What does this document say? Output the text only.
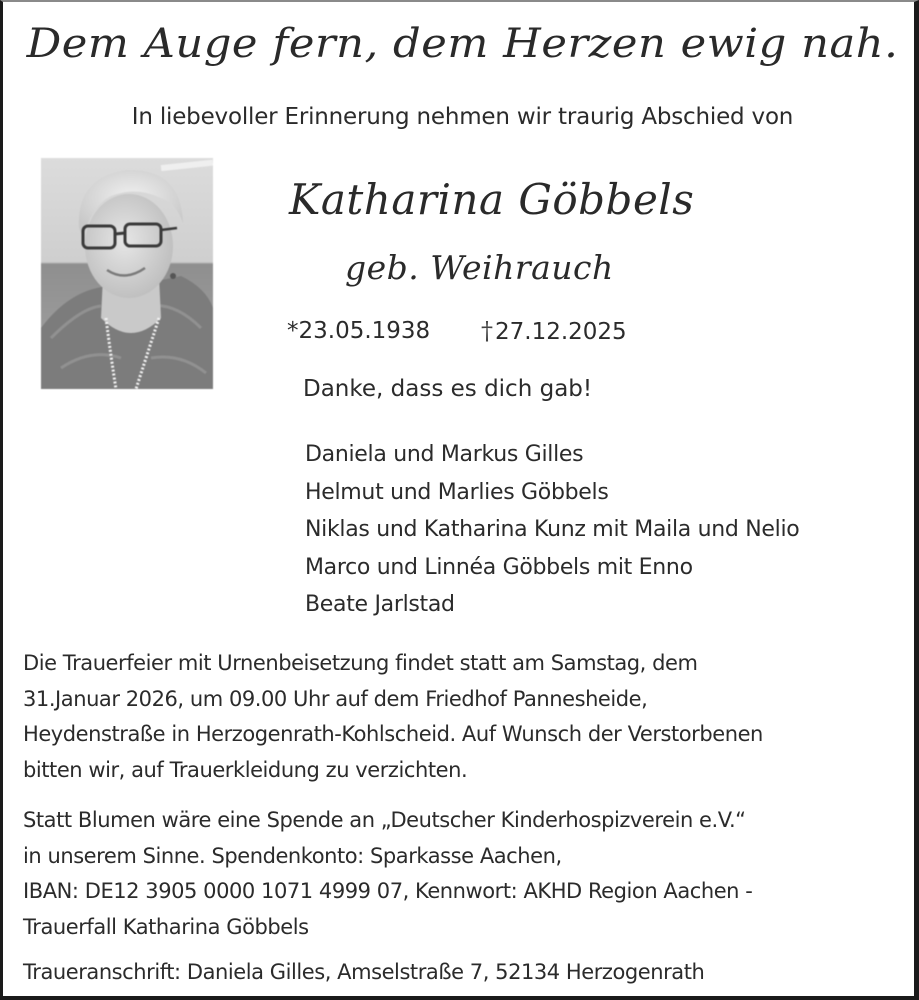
Dem Auge fern, dem Herzen ewig nah.
In liebevoller Erinnerung nehmen wir traurig Abschied von
Katharina Göbbels
geb. Weihrauch
*23.05.1938 †27.12.2025
Danke, dass es dich gab!
Daniela und Markus Gilles
Helmut und Marlies Göbbels
Niklas und Katharina Kunz mit Maila und Nelio
Marco und Linnéa Göbbels mit Enno
Beate Jarlstad
Die Trauerfeier mit Urnenbeisetzung findet statt am Samstag, dem
31.Januar 2026, um 09.00 Uhr auf dem Friedhof Pannesheide,
Heydenstraße in Herzogenrath-Kohlscheid. Auf Wunsch der Verstorbenen
bitten wir, auf Trauerkleidung zu verzichten.
Statt Blumen wäre eine Spende an „Deutscher Kinderhospizverein e.V.“
in unserem Sinne. Spendenkonto: Sparkasse Aachen,
IBAN: DE12 3905 0000 1071 4999 07, Kennwort: AKHD Region Aachen -
Trauerfall Katharina Göbbels
Traueranschrift: Daniela Gilles, Amselstraße 7, 52134 Herzogenrath
